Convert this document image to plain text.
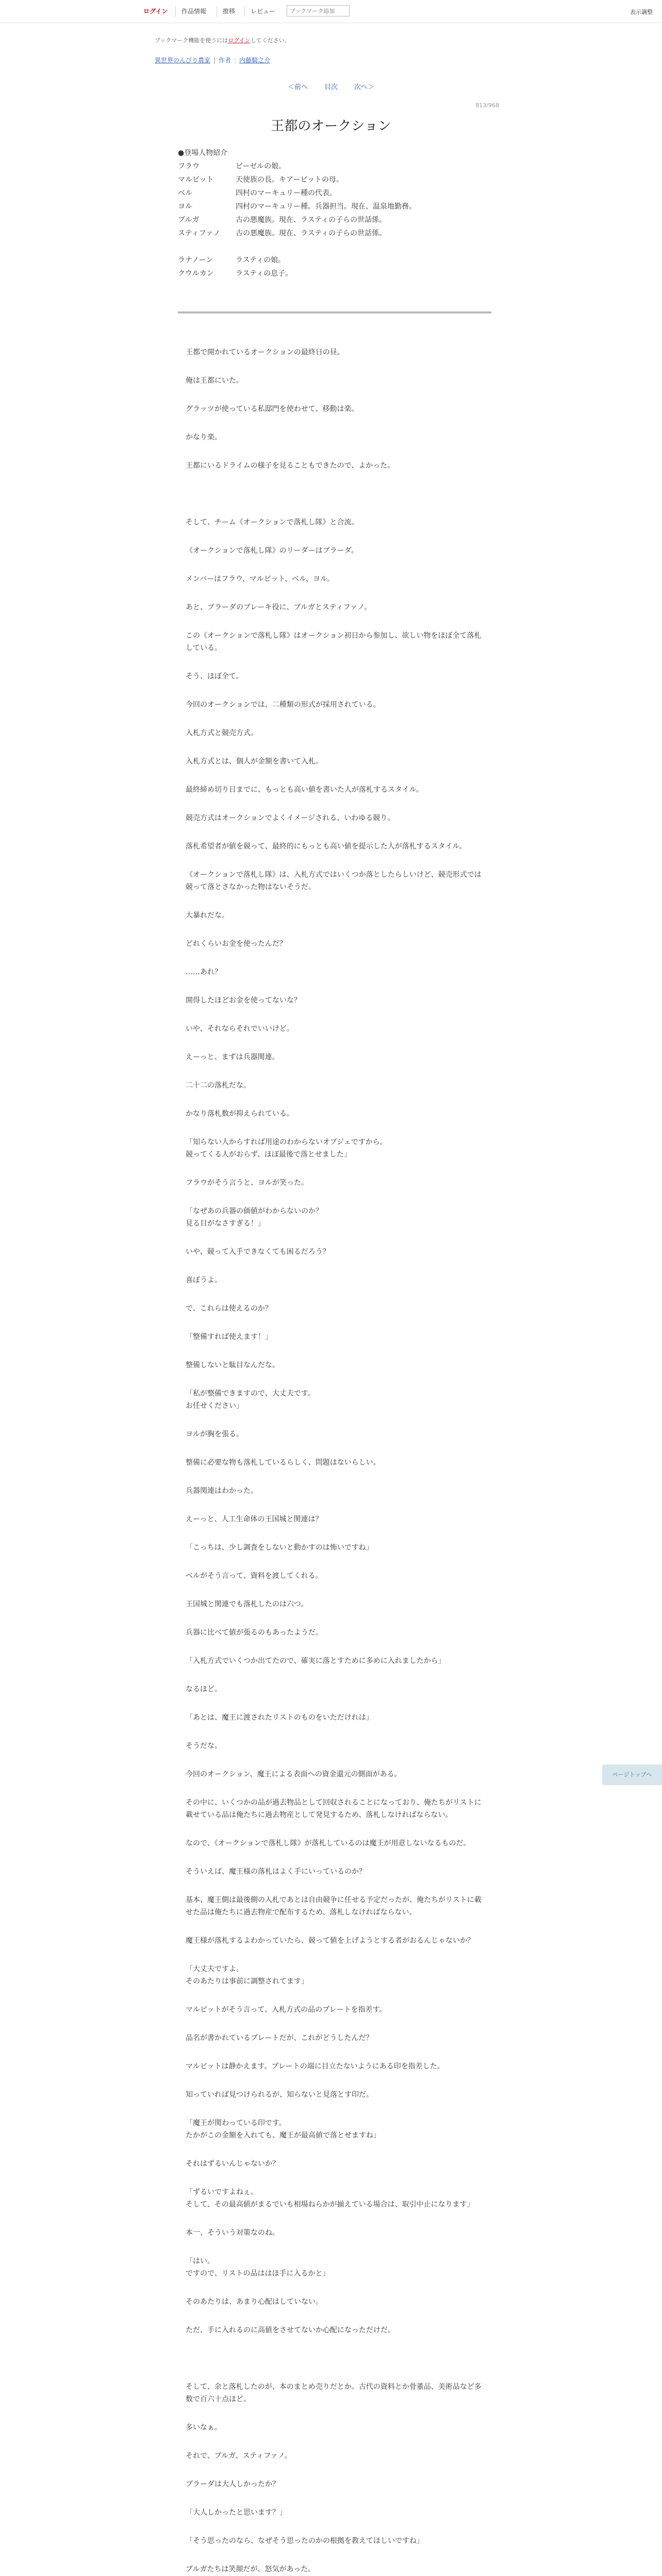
ログイン 作品情報	推移 レビュー
ブックマーク追加	表示調整
ブックマーク機能を使うにはログインしてください。
異世界のんびり農家 | 作者 : 内藤騎之介
＜前へ 目次 次へ＞
813/968
王都のオークション
●登場人物紹介
フラウ	ビーゼルの娘。
マルビット	天使族の長。キアービットの母。
ベル	四村のマーキュリー種の代表。
ヨル	四村のマーキュリー種。兵器担当。現在、温泉地勤務。
ブルガ	古の悪魔族。現在、ラスティの子らの世話係。
スティファノ 古の悪魔族。現在、ラスティの子らの世話係。
ラナノーン	ラスティの娘。
クウルカン	ラスティの息子。

王都で開かれているオークションの最終日の昼。

俺は王都にいた。

グラッツが使っている私邸門を使わせて、移動は楽。

かなり楽。

王都にいるドライムの様子を見ることもできたので、よかった。

そして、チーム《オークションで落札し隊》と合流。

《オークションで落札し隊》のリーダーはブラーダ。

メンバーはフラウ、マルビット、ベル、ヨル。

あと、ブラーダのブレーキ役に、ブルガとスティファノ。

この《オークションで落札し隊》はオークション初日から参加し、欲しい物をほぼ全て落札している。

そう、ほぼ全て。

今回のオークションでは、二種類の形式が採用されている。

入札方式と競売方式。

入札方式とは、個人が金額を書いて入札。

最終締め切り日までに、もっとも高い値を書いた人が落札するスタイル。

競売方式はオークションでよくイメージされる、いわゆる競り。

落札希望者が値を競って、最終的にもっとも高い値を提示した人が落札するスタイル。

《オークションで落札し隊》は、入札方式ではいくつか落としたらしいけど、競売形式では競って落とさなかった物はないそうだ。

大暴れだな。

どれくらいお金を使ったんだ？

……あれ？

開得したほどお金を使ってないな？

いや、それならそれでいいけど。

えーっと、まずは兵器関連。

二十二の落札だな。

かなり落札数が抑えられている。

「知らない人からすれば用途のわからないオブジェですから。
競ってくる人がおらず、ほぼ最後で落とせました」

フラウがそう言うと、ヨルが笑った。

「なぜあの兵器の価値がわからないのか？
見る目がなさすぎる！」

いや、競って入手できなくても困るだろう？

喜ぼうよ。

で、これらは使えるのか？

「整備すれば使えます！」

整備しないと駄目なんだな。

「私が整備できますので、大丈夫です。
お任せください」

ヨルが胸を張る。

整備に必要な物も落札しているらしく、問題はないらしい。

兵器関連はわかった。

えーっと、人工生命体の王国城と関連は？

「こっちは、少し調査をしないと動かすのは怖いですね」

ベルがそう言って、資料を渡してくれる。

王国城と関連でも落札したのは六つ。

兵器に比べて値が張るのもあったようだ。

「入札方式でいくつか出てたので、確実に落とすために多めに入れましたから」

なるほど。

「あとは、魔王に渡されたリストのものをいただけれは」

そうだな。

今回のオークション、魔王による表面への資金還元の側面がある。

その中に、いくつかの品が過去物品として回収されることになっており、俺たちがリストに載せている品は俺たちに過去物産として発見するため、落札しなければならない。

なので、《オークションで落札し隊》が落札しているのは魔王が用意しないなるものだ。

そういえば、魔王様の落札はよく手にいっているのか？

基本、魔王側は最後側の入札であとは自由競争に任せる予定だったが、俺たちがリストに載せた品は俺たちに過去物産で配布するため、落札しなければならない。

魔王様が落札するよわかっていたら、競って値を上げようとする者がおるんじゃないか？

「大丈夫ですよ。
そのあたりは事前に調整されてます」

マルビットがそう言って、入札方式の品のプレートを指差す。

品名が書かれているプレートだが、これがどうしたんだ？

マルビットは静かえます。プレートの端に目立たないようにある印を指差した。

知っていれば見つけられるが、知らないと見落とす印だ。

「魔王が関わっている印です。
たかがこの金額を入れても、魔王が最高値で落とせますね」

それはずるいんじゃないか？

「ずるいですよねぇ。
そして、その最高値がまるでいも相場ねらかが揃えている場合は、取引中止になります」

本一、そういう対策なのね。

「はい。
ですので、リストの品ははほ手に入るかと」

そのあたりは、あまり心配はしていない。

ただ、手に入れるのに高値をさせてないか心配になっただけだ。

そして、余と落札したのが、本のまとめ売りだとか。古代の資料とか骨董品、美術品など多数で百六十点ほど。

多いなぁ。

それで、ブルガ、スティファノ。

ブラーダは大人しかったか？

「大人しかったと思います？」

「そう思ったのなら、なぜそう思ったのかの根拠を教えてほしいですね」

ブルガたちは笑顔だが、怒気があった。

ページトップへ
